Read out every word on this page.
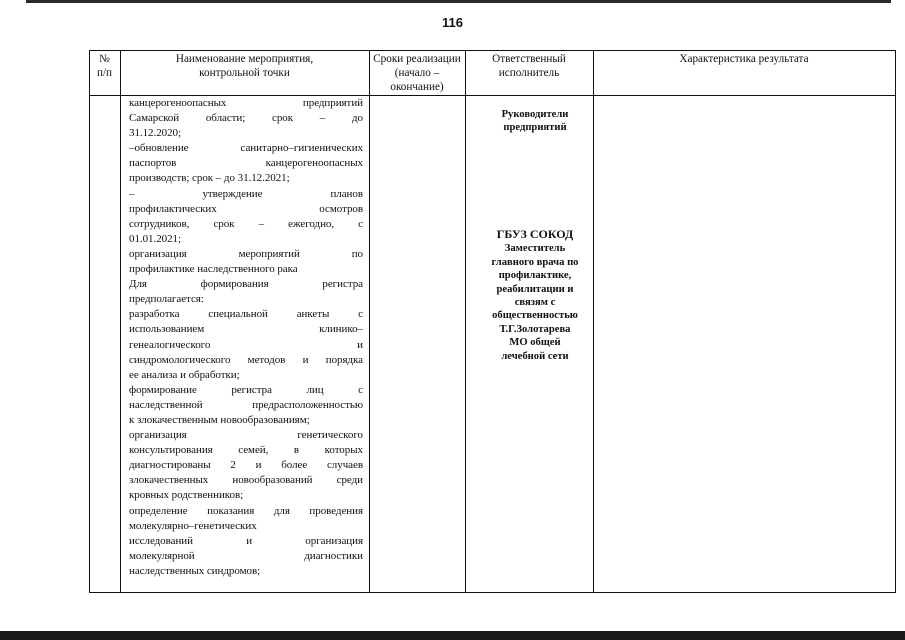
116
№
п/п
Наименование мероприятия,
контрольной точки
Сроки реализации
(начало –
окончание)
Ответственный
исполнитель
Характеристика результата
канцерогеноопасных предприятий
Самарской области; срок – до
31.12.2020;
–обновление санитарно–гигиенических
паспортов канцерогеноопасных
производств; срок – до 31.12.2021;
– утверждение планов
профилактических осмотров
сотрудников, срок – ежегодно, с
01.01.2021;
организация мероприятий по
профилактике наследственного рака
Для формирования регистра
предполагается:
разработка специальной анкеты с
использованием клинико–
генеалогического и
синдромологического методов и порядка
ее анализа и обработки;
формирование регистра лиц с
наследственной предрасположенностью
к злокачественным новообразованиям;
организация генетического
консультирования семей, в которых
диагностированы 2 и более случаев
злокачественных новообразований среди
кровных родственников;
определение показания для проведения
молекулярно–генетических
исследований и организация
молекулярной диагностики
наследственных синдромов;
Руководители
предприятий
ГБУЗ СОКОД
Заместитель
главного врача по
профилактике,
реабилитации и
связям с
общественностью
Т.Г.Золотарева
МО общей
лечебной сети
